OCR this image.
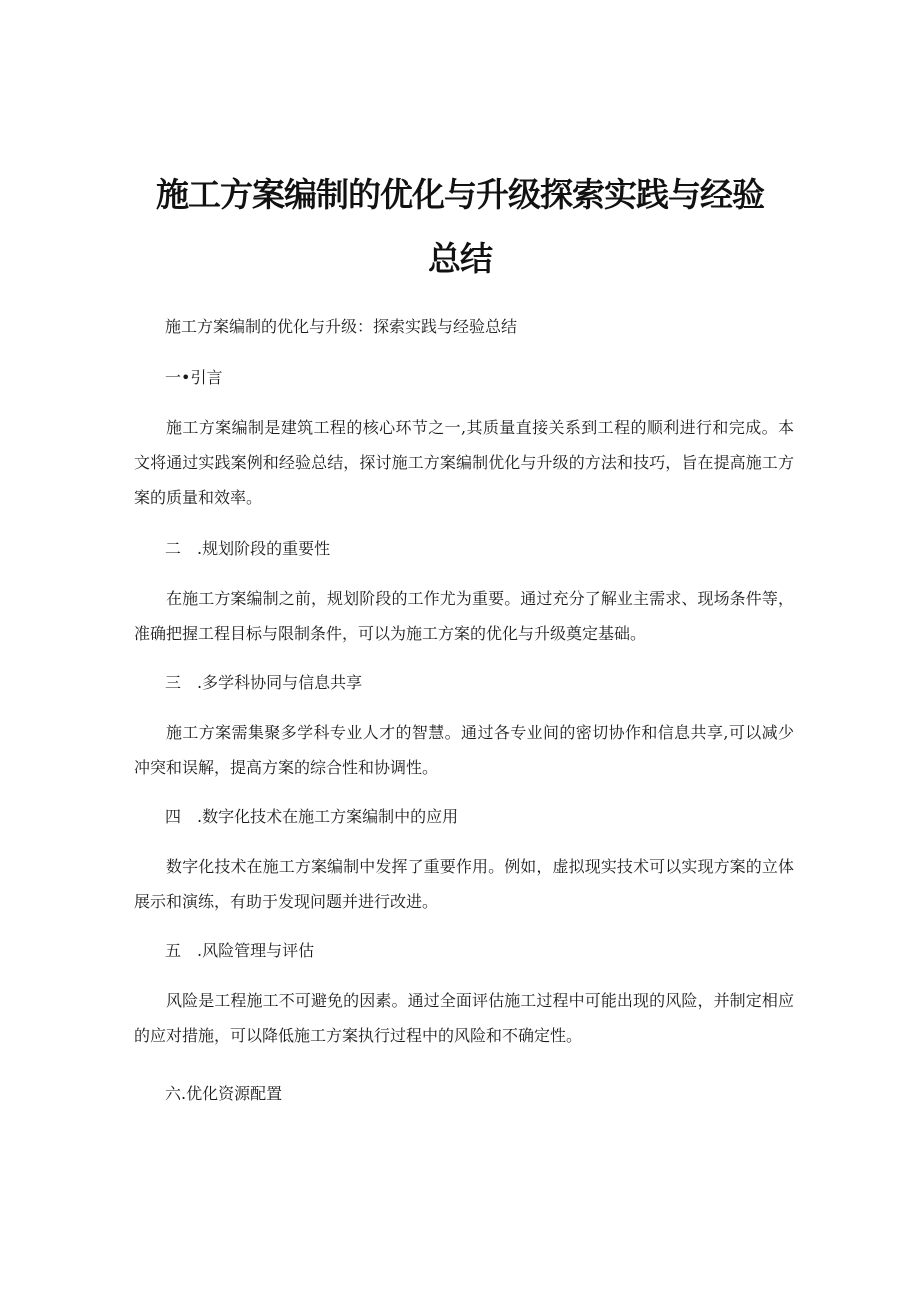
施工方案编制的优化与升级探索实践与经验
总结
施工方案编制的优化与升级：探索实践与经验总结
一•引言

施工方案编制是建筑工程的核心环节之一,其质量直接关系到工程的顺利进行和完成。本文将通过实践案例和经验总结，探讨施工方案编制优化与升级的方法和技巧，旨在提高施工方案的质量和效率。

二　.规划阶段的重要性

在施工方案编制之前，规划阶段的工作尤为重要。通过充分了解业主需求、现场条件等，准确把握工程目标与限制条件，可以为施工方案的优化与升级奠定基础。

三　.多学科协同与信息共享

施工方案需集聚多学科专业人才的智慧。通过各专业间的密切协作和信息共享,可以减少冲突和误解，提高方案的综合性和协调性。

四　.数字化技术在施工方案编制中的应用

数字化技术在施工方案编制中发挥了重要作用。例如，虚拟现实技术可以实现方案的立体展示和演练，有助于发现问题并进行改进。

五　.风险管理与评估

风险是工程施工不可避免的因素。通过全面评估施工过程中可能出现的风险，并制定相应的应对措施，可以降低施工方案执行过程中的风险和不确定性。

六.优化资源配置
